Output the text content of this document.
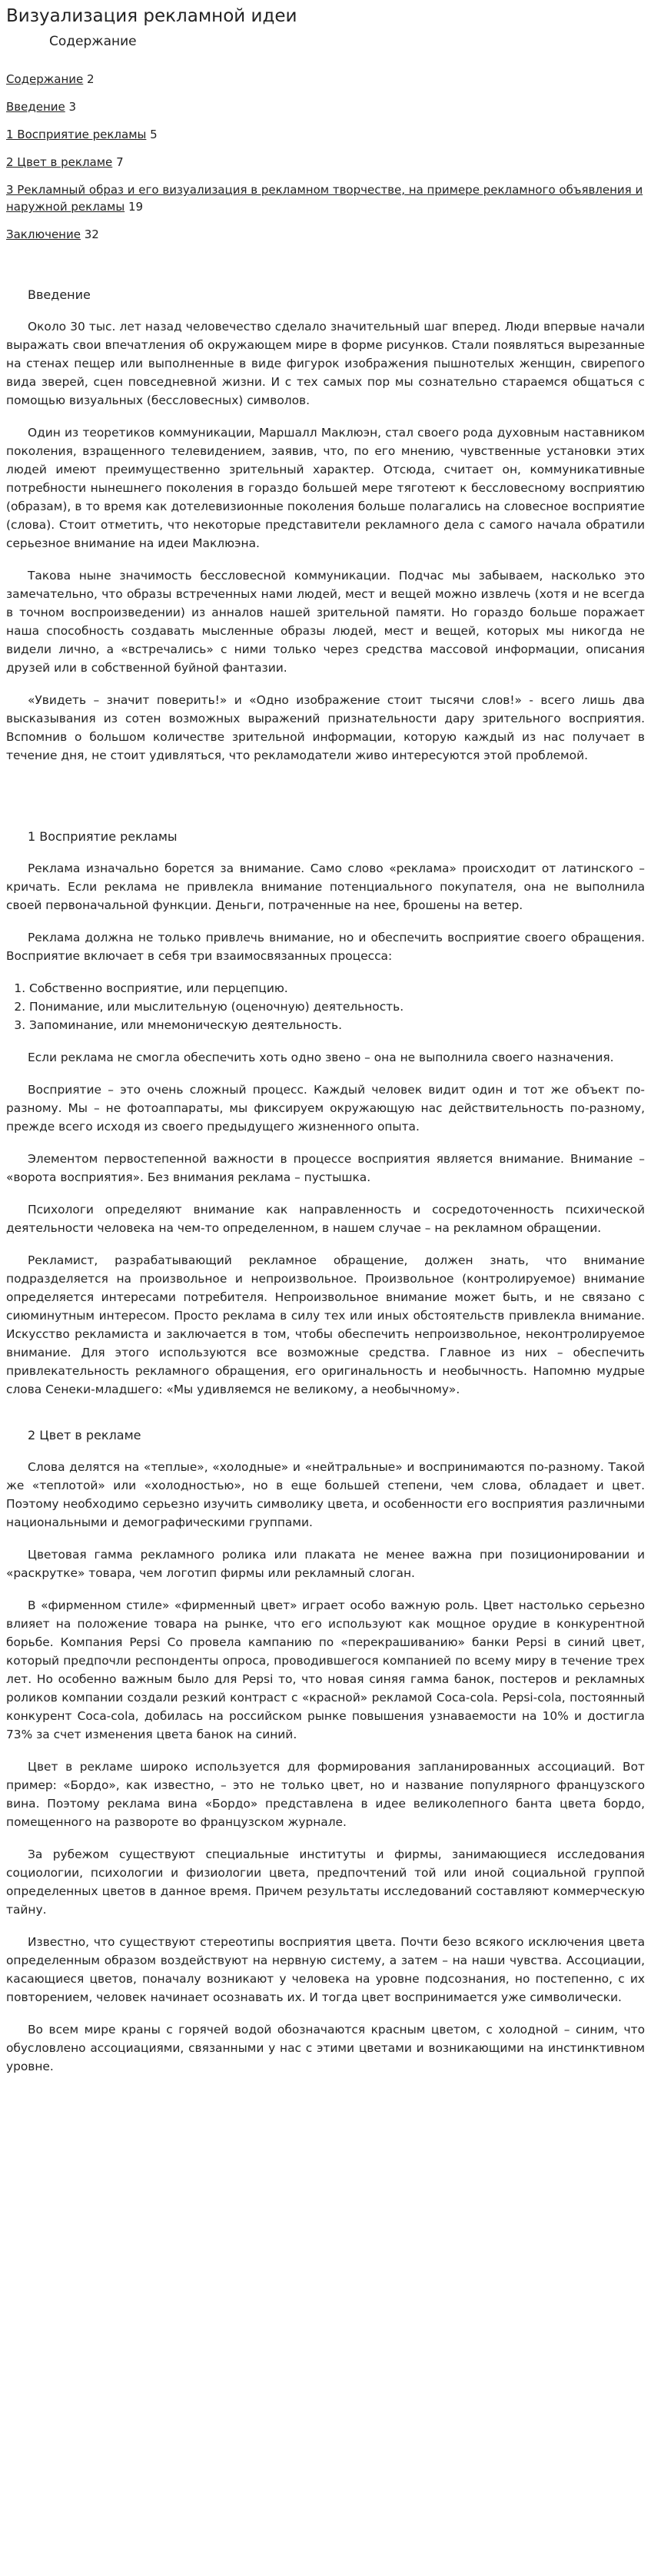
Визуализация рекламной идеи
Содержание
Содержание 2
Введение 3
1 Восприятие рекламы 5
2 Цвет в рекламе 7
3 Рекламный образ и его визуализация в рекламном творчестве, на примере рекламного объявления и наружной рекламы 19
Заключение 32
Введение

Около 30 тыс. лет назад человечество сделало значительный шаг вперед. Люди впервые начали выражать свои впечатления об окружающем мире в форме рисунков. Стали появляться вырезанные на стенах пещер или выполненные в виде фигурок изображения пышнотелых женщин, свирепого вида зверей, сцен повседневной жизни. И с тех самых пор мы сознательно стараемся общаться с помощью визуальных (бессловесных) символов.

Один из теоретиков коммуникации, Маршалл Маклюэн, стал своего рода духовным наставником поколения, взращенного телевидением, заявив, что, по его мнению, чувственные установки этих людей имеют преимущественно зрительный характер. Отсюда, считает он, коммуникативные потребности нынешнего поколения в гораздо большей мере тяготеют к бессловесному восприятию (образам), в то время как дотелевизионные поколения больше полагались на словесное восприятие (слова). Стоит отметить, что некоторые представители рекламного дела с самого начала обратили серьезное внимание на идеи Маклюэна.

Такова ныне значимость бессловесной коммуникации. Подчас мы забываем, насколько это замечательно, что образы встреченных нами людей, мест и вещей можно извлечь (хотя и не всегда в точном воспроизведении) из анналов нашей зрительной памяти. Но гораздо больше поражает наша способность создавать мысленные образы людей, мест и вещей, которых мы никогда не видели лично, а «встречались» с ними только через средства массовой информации, описания друзей или в собственной буйной фантазии.

«Увидеть – значит поверить!» и «Одно изображение стоит тысячи слов!» - всего лишь два высказывания из сотен возможных выражений признательности дару зрительного восприятия. Вспомнив о большом количестве зрительной информации, которую каждый из нас получает в течение дня, не стоит удивляться, что рекламодатели живо интересуются этой проблемой.

1 Восприятие рекламы

Реклама изначально борется за внимание. Само слово «реклама» происходит от латинского – кричать. Если реклама не привлекла внимание потенциального покупателя, она не выполнила своей первоначальной функции. Деньги, потраченные на нее, брошены на ветер.

Реклама должна не только привлечь внимание, но и обеспечить восприятие своего обращения. Восприятие включает в себя три взаимосвязанных процесса:

1. Собственно восприятие, или перцепцию.
2. Понимание, или мыслительную (оценочную) деятельность.
3. Запоминание, или мнемоническую деятельность.

Если реклама не смогла обеспечить хоть одно звено – она не выполнила своего назначения.

Восприятие – это очень сложный процесс. Каждый человек видит один и тот же объект по-разному. Мы – не фотоаппараты, мы фиксируем окружающую нас действительность по-разному, прежде всего исходя из своего предыдущего жизненного опыта.

Элементом первостепенной важности в процессе восприятия является внимание. Внимание – «ворота восприятия». Без внимания реклама – пустышка.

Психологи определяют внимание как направленность и сосредоточенность психической деятельности человека на чем-то определенном, в нашем случае – на рекламном обращении.

Рекламист, разрабатывающий рекламное обращение, должен знать, что внимание подразделяется на произвольное и непроизвольное. Произвольное (контролируемое) внимание определяется интересами потребителя. Непроизвольное внимание может быть, и не связано с сиюминутным интересом. Просто реклама в силу тех или иных обстоятельств привлекла внимание. Искусство рекламиста и заключается в том, чтобы обеспечить непроизвольное, неконтролируемое внимание. Для этого используются все возможные средства. Главное из них – обеспечить привлекательность рекламного обращения, его оригинальность и необычность. Напомню мудрые слова Сенеки-младшего: «Мы удивляемся не великому, а необычному».

2 Цвет в рекламе

Слова делятся на «теплые», «холодные» и «нейтральные» и воспринимаются по-разному. Такой же «теплотой» или «холодностью», но в еще большей степени, чем слова, обладает и цвет. Поэтому необходимо серьезно изучить символику цвета, и особенности его восприятия различными национальными и демографическими группами.

Цветовая гамма рекламного ролика или плаката не менее важна при позиционировании и «раскрутке» товара, чем логотип фирмы или рекламный слоган.

В «фирменном стиле» «фирменный цвет» играет особо важную роль. Цвет настолько серьезно влияет на положение товара на рынке, что его используют как мощное орудие в конкурентной борьбе. Компания Pepsi Co провела кампанию по «перекрашиванию» банки Pepsi в синий цвет, который предпочли респонденты опроса, проводившегося компанией по всему миру в течение трех лет. Но особенно важным было для Pepsi то, что новая синяя гамма банок, постеров и рекламных роликов компании создали резкий контраст с «красной» рекламой Coca-cola. Pepsi-cola, постоянный конкурент Coca-cola, добилась на российском рынке повышения узнаваемости на 10% и достигла 73% за счет изменения цвета банок на синий.

Цвет в рекламе широко используется для формирования запланированных ассоциаций. Вот пример: «Бордо», как известно, – это не только цвет, но и название популярного французского вина. Поэтому реклама вина «Бордо» представлена в идее великолепного банта цвета бордо, помещенного на развороте во французском журнале.

За рубежом существуют специальные институты и фирмы, занимающиеся исследования социологии, психологии и физиологии цвета, предпочтений той или иной социальной группой определенных цветов в данное время. Причем результаты исследований составляют коммерческую тайну.

Известно, что существуют стереотипы восприятия цвета. Почти безо всякого исключения цвета определенным образом воздействуют на нервную систему, а затем – на наши чувства. Ассоциации, касающиеся цветов, поначалу возникают у человека на уровне подсознания, но постепенно, с их повторением, человек начинает осознавать их. И тогда цвет воспринимается уже символически.

Во всем мире краны с горячей водой обозначаются красным цветом, с холодной – синим, что обусловлено ассоциациями, связанными у нас с этими цветами и возникающими на инстинктивном уровне.
